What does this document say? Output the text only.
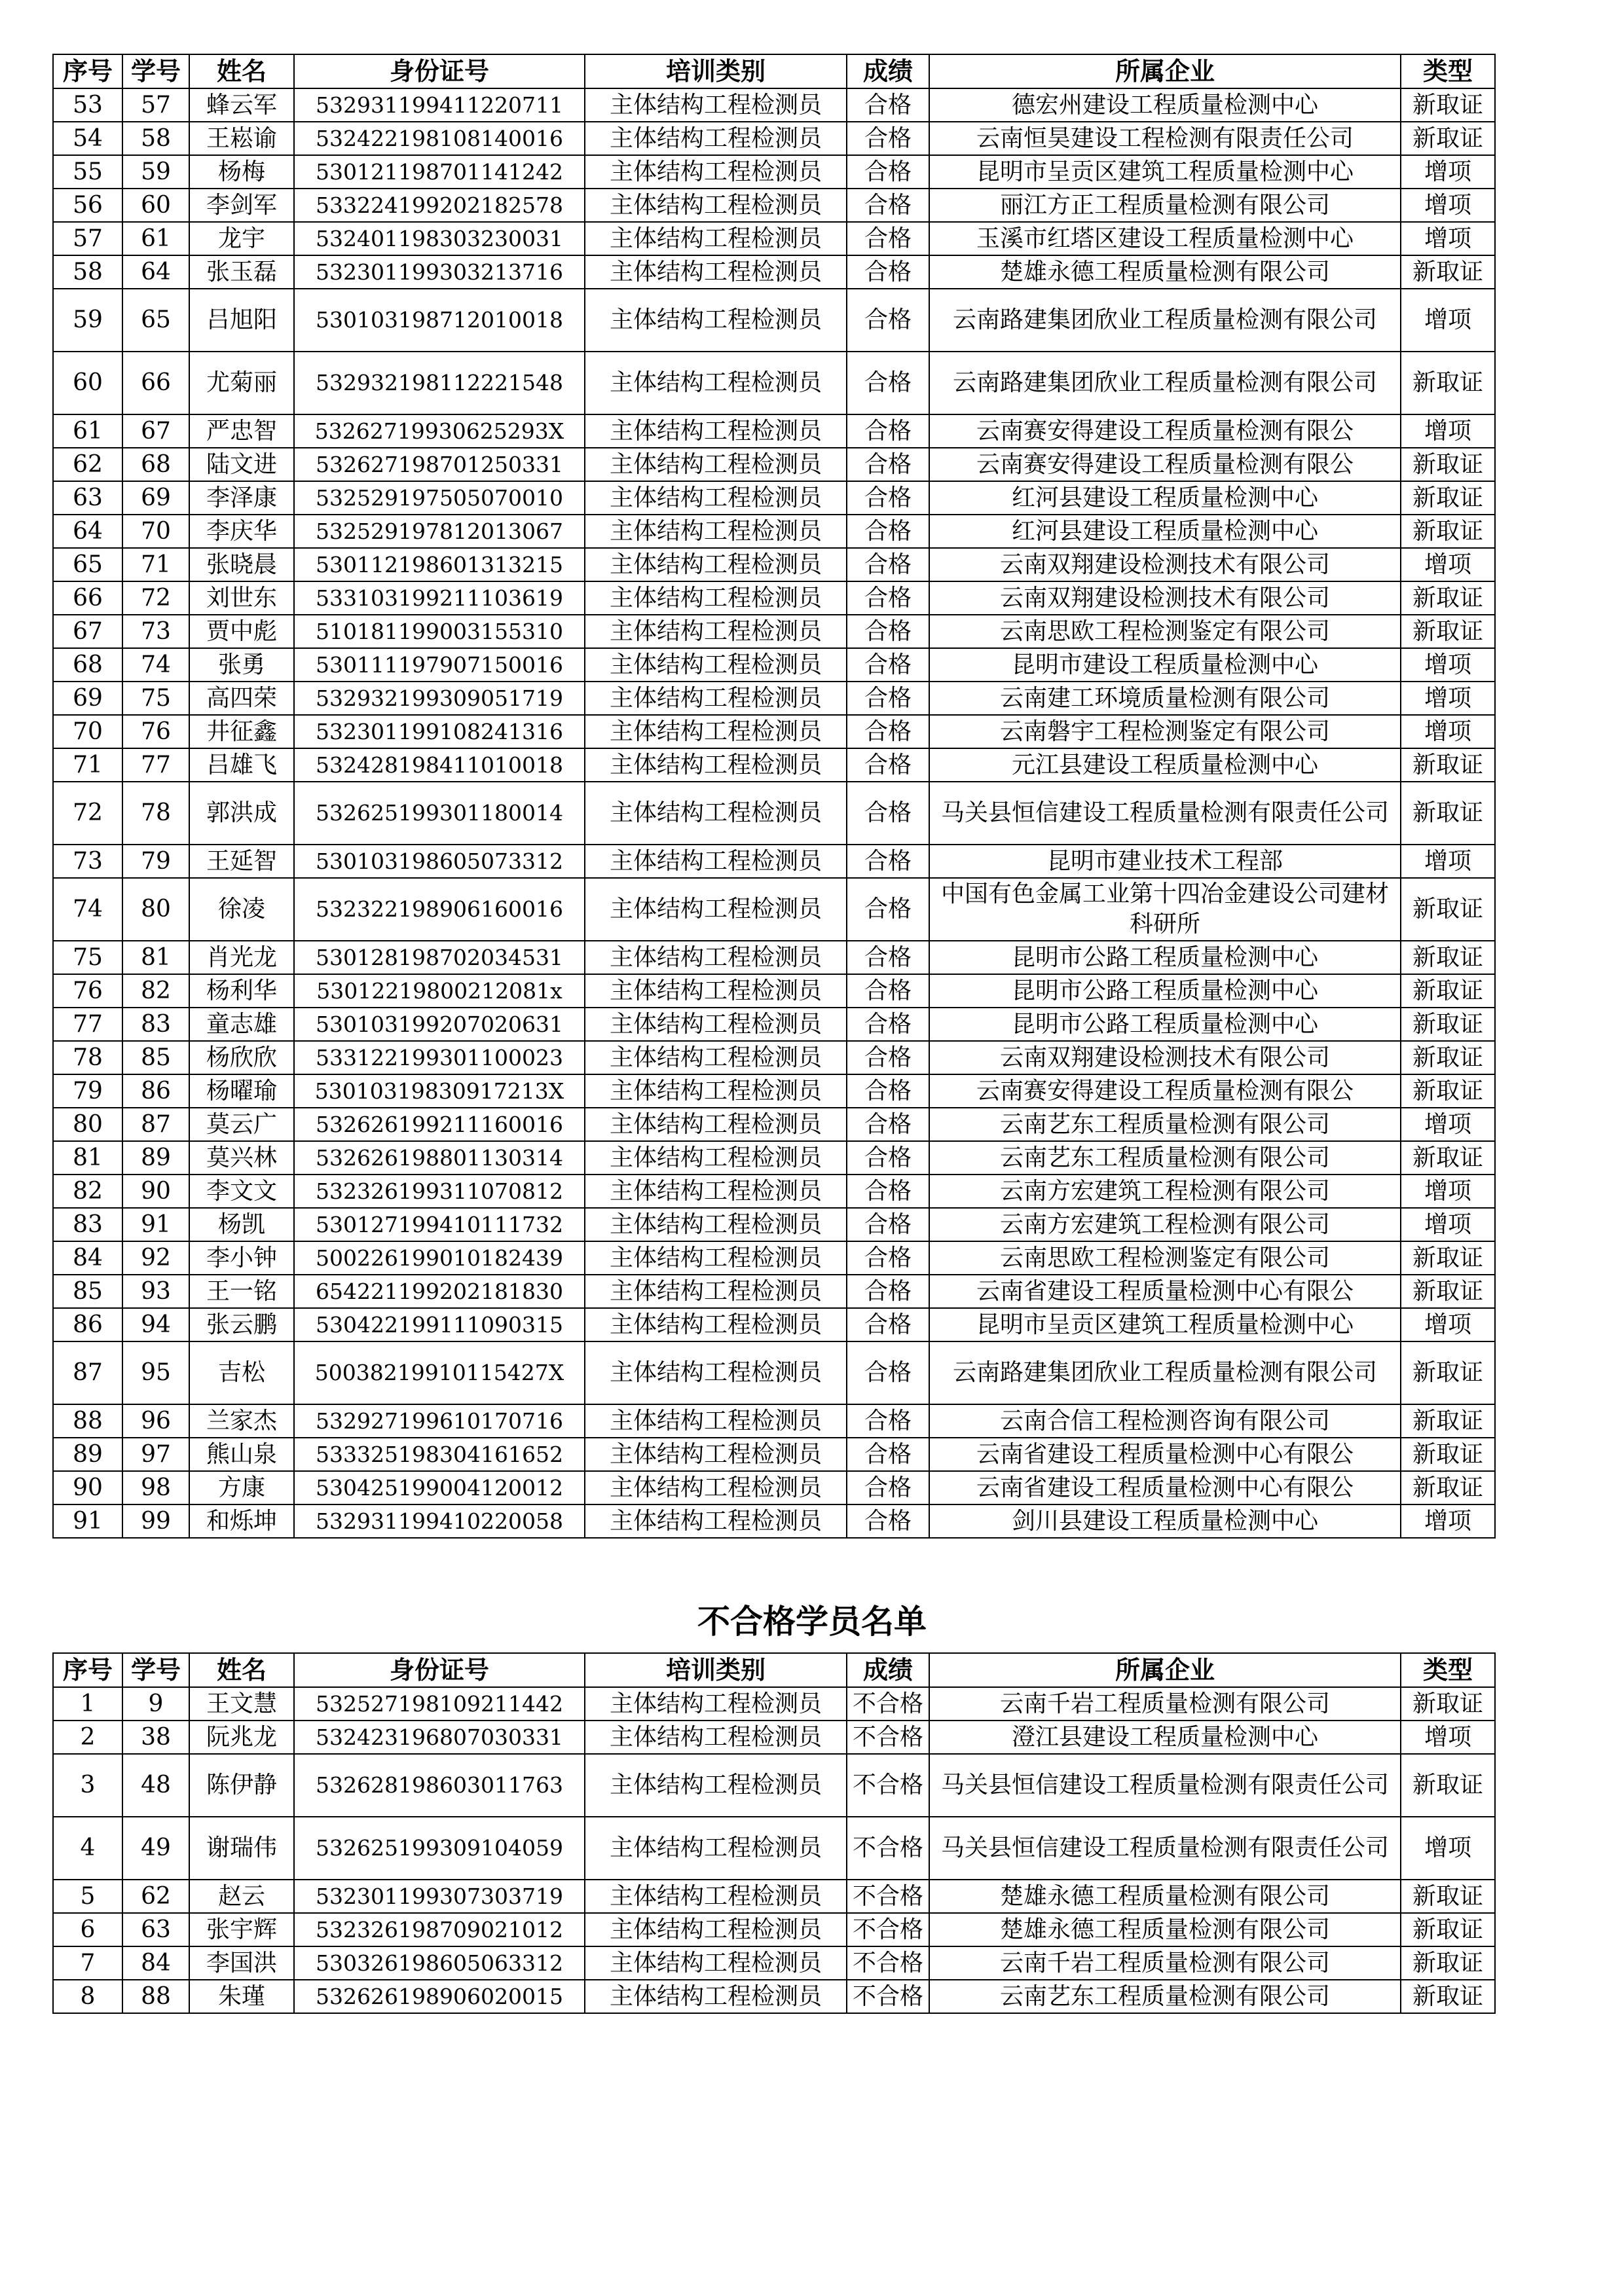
序号	学号	姓名	身份证号	培训类别	成绩	所属企业	类型
53	57	蜂云军	532931199411220711	主体结构工程检测员	合格	德宏州建设工程质量检测中心	新取证
54	58	王崧谕	532422198108140016	主体结构工程检测员	合格	云南恒昊建设工程检测有限责任公司	新取证
55	59	杨梅	530121198701141242	主体结构工程检测员	合格	昆明市呈贡区建筑工程质量检测中心	增项
56	60	李剑军	533224199202182578	主体结构工程检测员	合格	丽江方正工程质量检测有限公司	增项
57	61	龙宇	532401198303230031	主体结构工程检测员	合格	玉溪市红塔区建设工程质量检测中心	增项
58	64	张玉磊	532301199303213716	主体结构工程检测员	合格	楚雄永德工程质量检测有限公司	新取证
59	65	吕旭阳	530103198712010018	主体结构工程检测员	合格	云南路建集团欣业工程质量检测有限公司	增项
60	66	尤菊丽	532932198112221548	主体结构工程检测员	合格	云南路建集团欣业工程质量检测有限公司	新取证
61	67	严忠智	53262719930625293X	主体结构工程检测员	合格	云南赛安得建设工程质量检测有限公	增项
62	68	陆文进	532627198701250331	主体结构工程检测员	合格	云南赛安得建设工程质量检测有限公	新取证
63	69	李泽康	532529197505070010	主体结构工程检测员	合格	红河县建设工程质量检测中心	新取证
64	70	李庆华	532529197812013067	主体结构工程检测员	合格	红河县建设工程质量检测中心	新取证
65	71	张晓晨	530112198601313215	主体结构工程检测员	合格	云南双翔建设检测技术有限公司	增项
66	72	刘世东	533103199211103619	主体结构工程检测员	合格	云南双翔建设检测技术有限公司	新取证
67	73	贾中彪	510181199003155310	主体结构工程检测员	合格	云南思欧工程检测鉴定有限公司	新取证
68	74	张勇	530111197907150016	主体结构工程检测员	合格	昆明市建设工程质量检测中心	增项
69	75	高四荣	532932199309051719	主体结构工程检测员	合格	云南建工环境质量检测有限公司	增项
70	76	井征鑫	532301199108241316	主体结构工程检测员	合格	云南磐宇工程检测鉴定有限公司	增项
71	77	吕雄飞	532428198411010018	主体结构工程检测员	合格	元江县建设工程质量检测中心	新取证
72	78	郭洪成	532625199301180014	主体结构工程检测员	合格	马关县恒信建设工程质量检测有限责任公司	新取证
73	79	王延智	530103198605073312	主体结构工程检测员	合格	昆明市建业技术工程部	增项
74	80	徐凌	532322198906160016	主体结构工程检测员	合格	中国有色金属工业第十四冶金建设公司建材科研所	新取证
75	81	肖光龙	530128198702034531	主体结构工程检测员	合格	昆明市公路工程质量检测中心	新取证
76	82	杨利华	53012219800212081x	主体结构工程检测员	合格	昆明市公路工程质量检测中心	新取证
77	83	童志雄	530103199207020631	主体结构工程检测员	合格	昆明市公路工程质量检测中心	新取证
78	85	杨欣欣	533122199301100023	主体结构工程检测员	合格	云南双翔建设检测技术有限公司	新取证
79	86	杨曜瑜	53010319830917213X	主体结构工程检测员	合格	云南赛安得建设工程质量检测有限公	新取证
80	87	莫云广	532626199211160016	主体结构工程检测员	合格	云南艺东工程质量检测有限公司	增项
81	89	莫兴林	532626198801130314	主体结构工程检测员	合格	云南艺东工程质量检测有限公司	新取证
82	90	李文文	532326199311070812	主体结构工程检测员	合格	云南方宏建筑工程检测有限公司	增项
83	91	杨凯	530127199410111732	主体结构工程检测员	合格	云南方宏建筑工程检测有限公司	增项
84	92	李小钟	500226199010182439	主体结构工程检测员	合格	云南思欧工程检测鉴定有限公司	新取证
85	93	王一铭	654221199202181830	主体结构工程检测员	合格	云南省建设工程质量检测中心有限公	新取证
86	94	张云鹏	530422199111090315	主体结构工程检测员	合格	昆明市呈贡区建筑工程质量检测中心	增项
87	95	吉松	50038219910115427X	主体结构工程检测员	合格	云南路建集团欣业工程质量检测有限公司	新取证
88	96	兰家杰	532927199610170716	主体结构工程检测员	合格	云南合信工程检测咨询有限公司	新取证
89	97	熊山泉	533325198304161652	主体结构工程检测员	合格	云南省建设工程质量检测中心有限公	新取证
90	98	方康	530425199004120012	主体结构工程检测员	合格	云南省建设工程质量检测中心有限公	新取证
91	99	和烁坤	532931199410220058	主体结构工程检测员	合格	剑川县建设工程质量检测中心	增项
不合格学员名单
序号	学号	姓名	身份证号	培训类别	成绩	所属企业	类型
1	9	王文慧	532527198109211442	主体结构工程检测员	不合格	云南千岩工程质量检测有限公司	新取证
2	38	阮兆龙	532423196807030331	主体结构工程检测员	不合格	澄江县建设工程质量检测中心	增项
3	48	陈伊静	532628198603011763	主体结构工程检测员	不合格	马关县恒信建设工程质量检测有限责任公司	新取证
4	49	谢瑞伟	532625199309104059	主体结构工程检测员	不合格	马关县恒信建设工程质量检测有限责任公司	增项
5	62	赵云	532301199307303719	主体结构工程检测员	不合格	楚雄永德工程质量检测有限公司	新取证
6	63	张宇辉	532326198709021012	主体结构工程检测员	不合格	楚雄永德工程质量检测有限公司	新取证
7	84	李国洪	530326198605063312	主体结构工程检测员	不合格	云南千岩工程质量检测有限公司	新取证
8	88	朱瑾	532626198906020015	主体结构工程检测员	不合格	云南艺东工程质量检测有限公司	新取证
